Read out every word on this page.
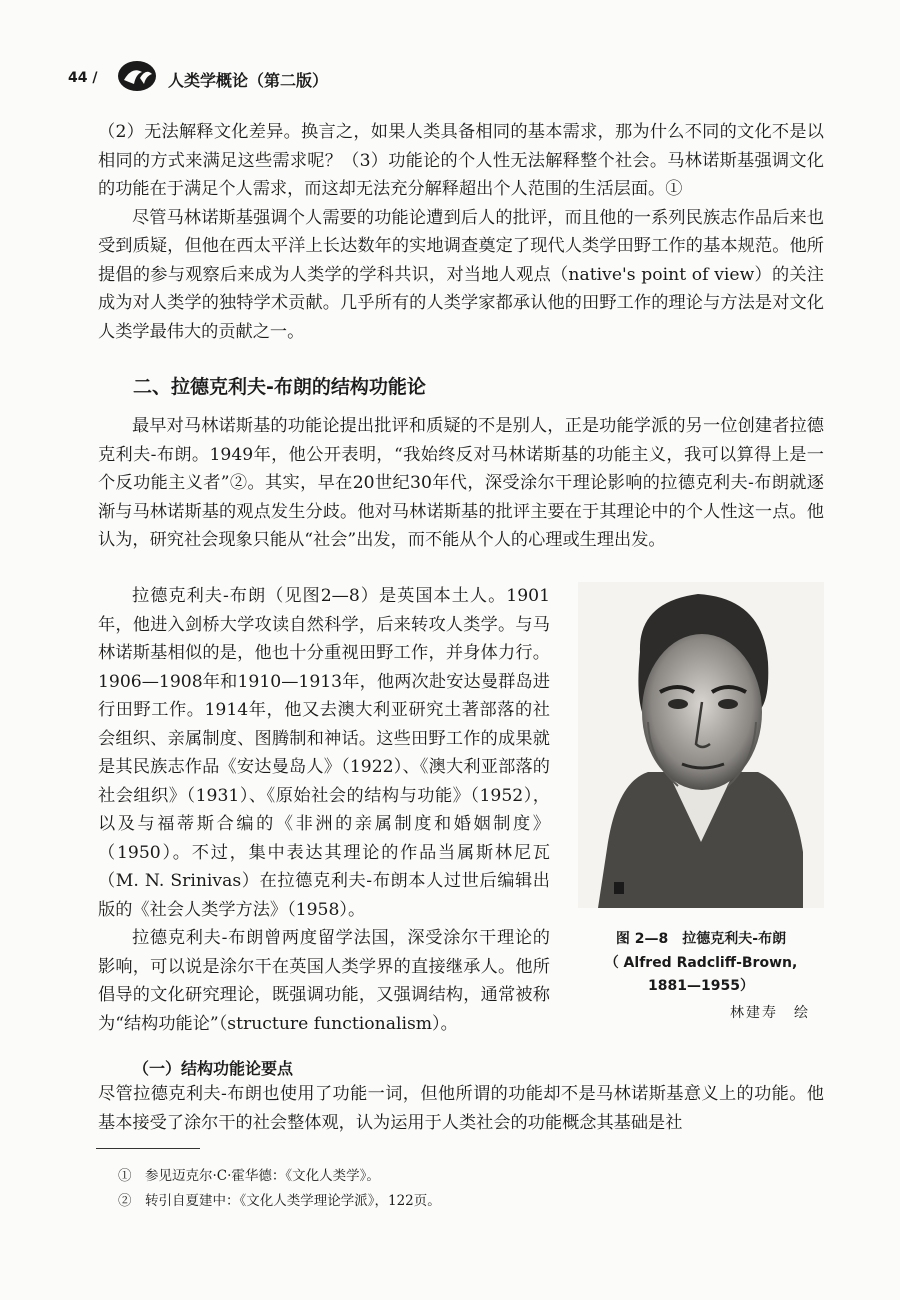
44 /	人类学概论（第二版）

（2）无法解释文化差异。换言之，如果人类具备相同的基本需求，那为什么不同的文化不是以相同的方式来满足这些需求呢？（3）功能论的个人性无法解释整个社会。马林诺斯基强调文化的功能在于满足个人需求，而这却无法充分解释超出个人范围的生活层面。①

尽管马林诺斯基强调个人需要的功能论遭到后人的批评，而且他的一系列民族志作品后来也受到质疑，但他在西太平洋上长达数年的实地调查奠定了现代人类学田野工作的基本规范。他所提倡的参与观察后来成为人类学的学科共识，对当地人观点（native's point of view）的关注成为对人类学的独特学术贡献。几乎所有的人类学家都承认他的田野工作的理论与方法是对文化人类学最伟大的贡献之一。

二、拉德克利夫-布朗的结构功能论

最早对马林诺斯基的功能论提出批评和质疑的不是别人，正是功能学派的另一位创建者拉德克利夫-布朗。1949年，他公开表明，“我始终反对马林诺斯基的功能主义，我可以算得上是一个反功能主义者”②。其实，早在20世纪30年代，深受涂尔干理论影响的拉德克利夫-布朗就逐渐与马林诺斯基的观点发生分歧。他对马林诺斯基的批评主要在于其理论中的个人性这一点。他认为，研究社会现象只能从“社会”出发，而不能从个人的心理或生理出发。

拉德克利夫-布朗（见图2—8）是英国本土人。1901年，他进入剑桥大学攻读自然科学，后来转攻人类学。与马林诺斯基相似的是，他也十分重视田野工作，并身体力行。1906—1908年和1910—1913年，他两次赴安达曼群岛进行田野工作。1914年，他又去澳大利亚研究土著部落的社会组织、亲属制度、图腾制和神话。这些田野工作的成果就是其民族志作品《安达曼岛人》（1922）、《澳大利亚部落的社会组织》（1931）、《原始社会的结构与功能》（1952），以及与福蒂斯合编的《非洲的亲属制度和婚姻制度》（1950）。不过，集中表达其理论的作品当属斯林尼瓦（M. N. Srinivas）在拉德克利夫-布朗本人过世后编辑出版的《社会人类学方法》（1958）。

拉德克利夫-布朗曾两度留学法国，深受涂尔干理论的影响，可以说是涂尔干在英国人类学界的直接继承人。他所倡导的文化研究理论，既强调功能，又强调结构，通常被称为“结构功能论”（structure functionalism）。

图 2—8　拉德克利夫-布朗
（ Alfred Radcliff-Brown,
1881—1955）
林建寿　绘
（一）结构功能论要点

尽管拉德克利夫-布朗也使用了功能一词，但他所谓的功能却不是马林诺斯基意义上的功能。他基本接受了涂尔干的社会整体观，认为运用于人类社会的功能概念其基础是社

①　参见迈克尔·C·霍华德：《文化人类学》。
②　转引自夏建中：《文化人类学理论学派》，122页。
